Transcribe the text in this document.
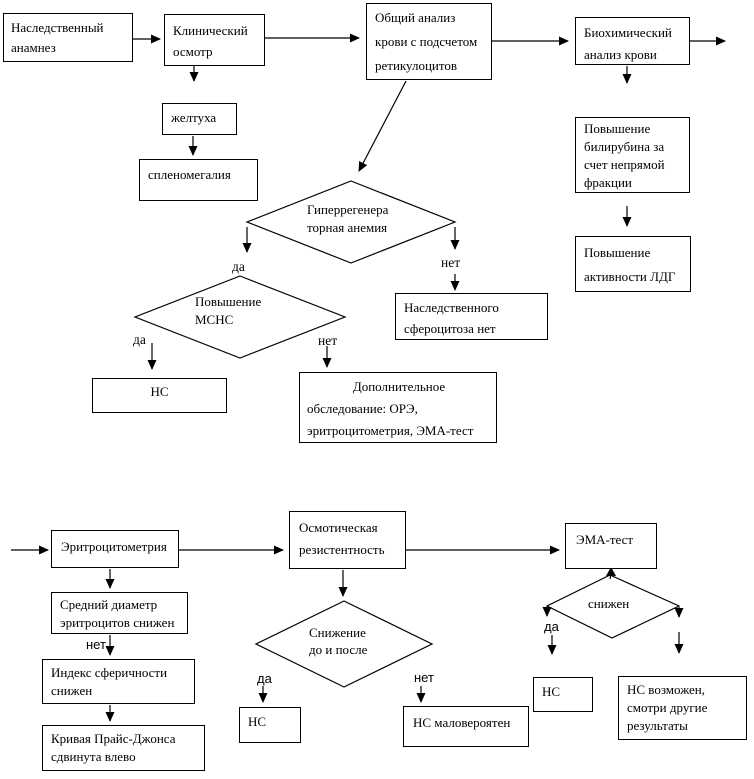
Наследственный
анамнез
Клинический
осмотр
Общий анализ
крови с подсчетом
ретикулоцитов
Биохимический
анализ крови
желтуха
спленомегалия
Повышение
билирубина за
счет непрямой
фракции
Повышение
активности ЛДГ
Гиперрегенера
торная анемия
да	нет
Наследственного
сфероцитоза нет
Повышение
МСНС
да	нет
НС	Дополнительное
обследование: ОРЭ,
эритроцитометрия, ЭМА-тест
Эритроцитометрия
Средний диаметр
эритроцитов снижен
нет
Индекс сферичности
снижен
Кривая Прайс-Джонса
сдвинута влево
Осмотическая
резистентность
Снижение
до и после
да	нет
НС	НС маловероятен
ЭМА-тест
снижен
да
НС	НС возможен,
смотри другие
результаты
